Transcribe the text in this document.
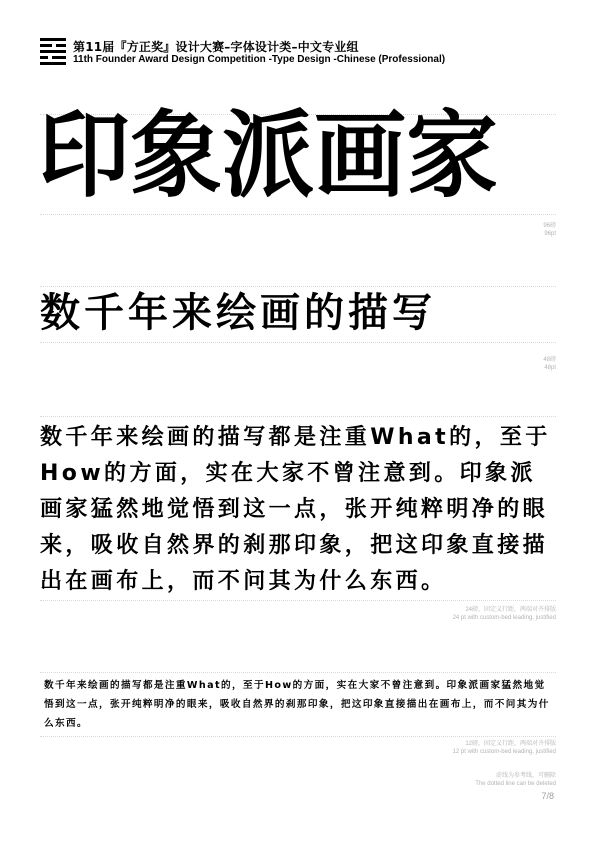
第11届『方正奖』设计大赛–字体设计类–中文专业组
11th Founder Award Design Competition -Type Design -Chinese (Professional)
印象派画家
96磅
96pt
数千年来绘画的描写
48磅
48pt

数千年来绘画的描写都是注重What的，至于How的方面，实在大家不曾注意到。印象派画家猛然地觉悟到这一点，张开纯粹明净的眼来，吸收自然界的刹那印象，把这印象直接描出在画布上，而不问其为什么东西。

24磅，固定义行距，两端对齐排版
24 pt with custom-bed leading, justified

数千年来绘画的描写都是注重What的，至于How的方面，实在大家不曾注意到。印象派画家猛然地觉悟到这一点，张开纯粹明净的眼来，吸收自然界的刹那印象，把这印象直接描出在画布上，而不问其为什么东西。

12磅，固定义行距，两端对齐排版
12 pt with custom-bed leading, justified
虚线为参考线，可删除
The dotted line can be deleted
7/8
